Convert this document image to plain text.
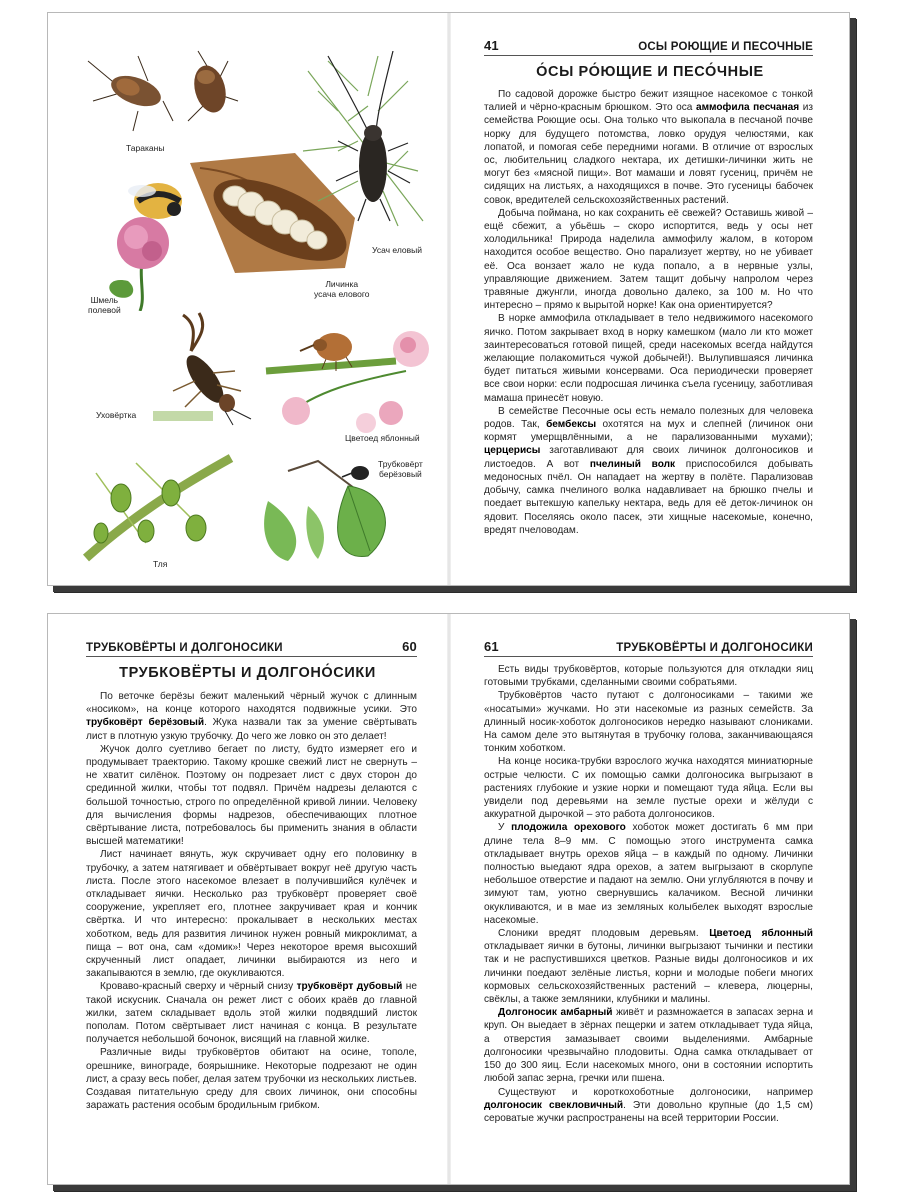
Тараканы
Шмель
полевой
Личинка
усача елового
Усач еловый
Уховёртка
Цветоед яблонный
Тля
Трубковёрт
берёзовый
41	ОСЫ РОЮЩИЕ И ПЕСОЧНЫЕ
О́СЫ РО́ЮЩИЕ И ПЕСО́ЧНЫЕ

По садовой дорожке быстро бежит изящное насекомое с тонкой талией и чёрно-красным брюшком. Это оса аммофила песчаная из семейства Роющие осы. Она только что выкопала в песчаной почве норку для будущего потомства, ловко орудуя челюстями, как лопатой, и помогая себе передними ногами. В отличие от взрослых ос, любительниц сладкого нектара, их детишки-личинки жить не могут без «мясной пищи». Вот мамаши и ловят гусениц, причём не сидящих на листьях, а находящихся в почве. Это гусеницы бабочек совок, вредителей сельскохозяйственных растений.

Добыча поймана, но как сохранить её свежей? Оставишь живой – ещё сбежит, а убьёшь – скоро испортится, ведь у осы нет холодильника! Природа наделила аммофилу жалом, в котором находится особое вещество. Оно парализует жертву, но не убивает её. Оса вонзает жало не куда попало, а в нервные узлы, управляющие движением. Затем тащит добычу напролом через травяные джунгли, иногда довольно далеко, за 100 м. Но что интересно – прямо к вырытой норке! Как она ориентируется?

В норке аммофила откладывает в тело недвижимого насекомого яичко. Потом закрывает вход в норку камешком (мало ли кто может заинтересоваться готовой пищей, среди насекомых всегда найдутся желающие полакомиться чужой добычей!). Вылупившаяся личинка будет питаться живыми консервами. Оса периодически проверяет все свои норки: если подросшая личинка съела гусеницу, заботливая мамаша принесёт новую.

В семействе Песочные осы есть немало полезных для человека родов. Так, бембексы охотятся на мух и слепней (личинок они кормят умерщвлёнными, а не парализованными мухами); церцерисы заготавливают для своих личинок долгоносиков и листоедов. А вот пчелиный волк приспособился добывать медоносных пчёл. Он нападает на жертву в полёте. Парализовав добычу, самка пчелиного волка надавливает на брюшко пчелы и поедает вытекшую капельку нектара, ведь для её деток-личинок он ядовит. Поселяясь около пасек, эти хищные насекомые, конечно, вредят пчеловодам.

ТРУБКОВЁРТЫ И ДОЛГОНОСИКИ	60
ТРУБКОВЁРТЫ И ДОЛГОНО́СИКИ

По веточке берёзы бежит маленький чёрный жучок с длинным «носиком», на конце которого находятся подвижные усики. Это трубковёрт берёзовый. Жука назвали так за умение свёртывать лист в плотную узкую трубочку. До чего же ловко он это делает!

Жучок долго суетливо бегает по листу, будто измеряет его и продумывает траекторию. Такому крошке свежий лист не свернуть – не хватит силёнок. Поэтому он подрезает лист с двух сторон до срединной жилки, чтобы тот подвял. Причём надрезы делаются с большой точностью, строго по определённой кривой линии. Человеку для вычисления формы надрезов, обеспечивающих плотное свёртывание листа, потребовалось бы применить знания в области высшей математики!

Лист начинает вянуть, жук скручивает одну его половинку в трубочку, а затем натягивает и обвёртывает вокруг неё другую часть листа. После этого насекомое влезает в получившийся кулёчек и откладывает яички. Несколько раз трубковёрт проверяет своё сооружение, укрепляет его, плотнее закручивает края и кончик свёртка. И что интересно: прокалывает в нескольких местах хоботком, ведь для развития личинок нужен ровный микроклимат, а пища – вот она, сам «домик»! Через некоторое время высохший скрученный лист опадает, личинки выбираются из него и закапываются в землю, где окукливаются.

Кроваво-красный сверху и чёрный снизу трубковёрт дубовый не такой искусник. Сначала он режет лист с обоих краёв до главной жилки, затем складывает вдоль этой жилки подвядший листок пополам. Потом свёртывает лист начиная с конца. В результате получается небольшой бочонок, висящий на главной жилке.

Различные виды трубковёртов обитают на осине, тополе, орешнике, винограде, боярышнике. Некоторые подрезают не один лист, а сразу весь побег, делая затем трубочки из нескольких листьев. Создавая питательную среду для своих личинок, они способны заражать растения особым бродильным грибком.

61	ТРУБКОВЁРТЫ И ДОЛГОНОСИКИ

Есть виды трубковёртов, которые пользуются для откладки яиц готовыми трубками, сделанными своими собратьями.

Трубковёртов часто путают с долгоносиками – такими же «носатыми» жучками. Но эти насекомые из разных семейств. За длинный носик-хоботок долгоносиков нередко называют слониками. На самом деле это вытянутая в трубочку голова, заканчивающаяся тонким хоботком.

На конце носика-трубки взрослого жучка находятся миниатюрные острые челюсти. С их помощью самки долгоносика выгрызают в растениях глубокие и узкие норки и помещают туда яйца. Если вы увидели под деревьями на земле пустые орехи и жёлуди с аккуратной дырочкой – это работа долгоносиков.

У плодожила орехового хоботок может достигать 6 мм при длине тела 8–9 мм. С помощью этого инструмента самка откладывает внутрь орехов яйца – в каждый по одному. Личинки полностью выедают ядра орехов, а затем выгрызают в скорлупе небольшое отверстие и падают на землю. Они углубляются в почву и зимуют там, уютно свернувшись калачиком. Весной личинки окукливаются, и в мае из земляных колыбелек выходят взрослые насекомые.

Слоники вредят плодовым деревьям. Цветоед яблонный откладывает яички в бутоны, личинки выгрызают тычинки и пестики так и не распустившихся цветков. Разные виды долгоносиков и их личинки поедают зелёные листья, корни и молодые побеги многих кормовых сельскохозяйственных растений – клевера, люцерны, свёклы, а также земляники, клубники и малины.

Долгоносик амбарный живёт и размножается в запасах зерна и круп. Он выедает в зёрнах пещерки и затем откладывает туда яйца, а отверстия замазывает своими выделениями. Амбарные долгоносики чрезвычайно плодовиты. Одна самка откладывает от 150 до 300 яиц. Если насекомых много, они в состоянии испортить любой запас зерна, гречки или пшена.

Существуют и короткохоботные долгоносики, например долгоносик свекловичный. Эти довольно крупные (до 1,5 см) сероватые жучки распространены на всей территории России.
